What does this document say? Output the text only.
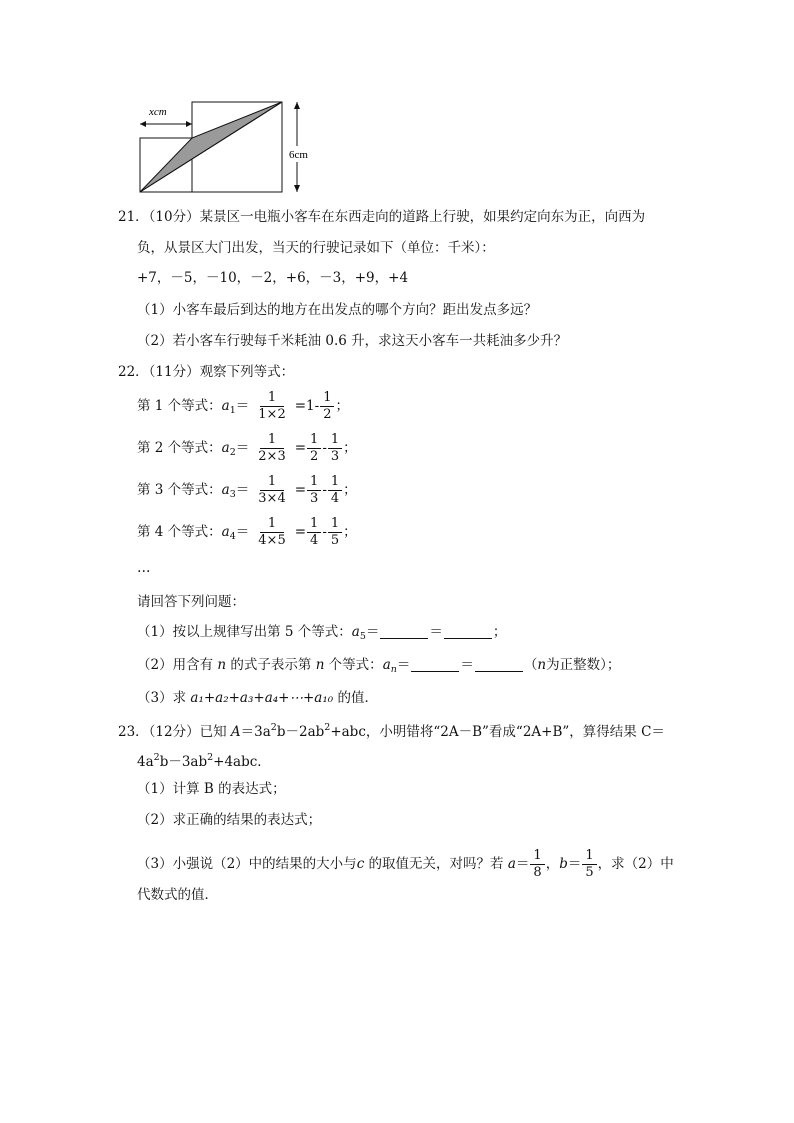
xcm
6cm
21．（10分）某景区一电瓶小客车在东西走向的道路上行驶，如果约定向东为正，向西为
负，从景区大门出发，当天的行驶记录如下（单位：千米）：
+7，－5，－10，－2，+6，－3，+9，+4
（1）小客车最后到达的地方在出发点的哪个方向？距出发点多远？
（2）若小客车行驶每千米耗油 0.6 升，求这天小客车一共耗油多少升？
22．（11分）观察下列等式：
第 1 个等式：$a_1= \frac{1}{1\times 2} =1- \frac{1}{2}$ ；
第 2 个等式：$a_2= \frac{1}{2\times 3} = \frac{1}{2} - \frac{1}{3}$ ；
第 3 个等式：$a_3= \frac{1}{3\times 4} = \frac{1}{3} - \frac{1}{4}$ ；
第 4 个等式：$a_4= \frac{1}{4\times 5} = \frac{1}{4} - \frac{1}{5}$ ；
…
请回答下列问题：
（1）按以上规律写出第 5 个等式：$a_5=$	＝	；
（2）用含有 n 的式子表示第 n 个等式：$a_n=$	＝	（n为正整数）；
（3）求 a₁+a₂+a₃+a₄+⋯+a₁₀ 的值．
23．（12分）已知 $A=3a^2b-2ab^2+abc$，小明错将“2A－B”看成“2A+B”，算得结果 C＝
$4a^2b-3ab^2+4abc$．
（1）计算 B 的表达式；
（2）求正确的结果的表达式；
（3）小强说（2）中的结果的大小与c 的取值无关，对吗？若 $a= \frac{1}{8}$ ，$b= \frac{1}{5}$ ，求（2）中
代数式的值．
